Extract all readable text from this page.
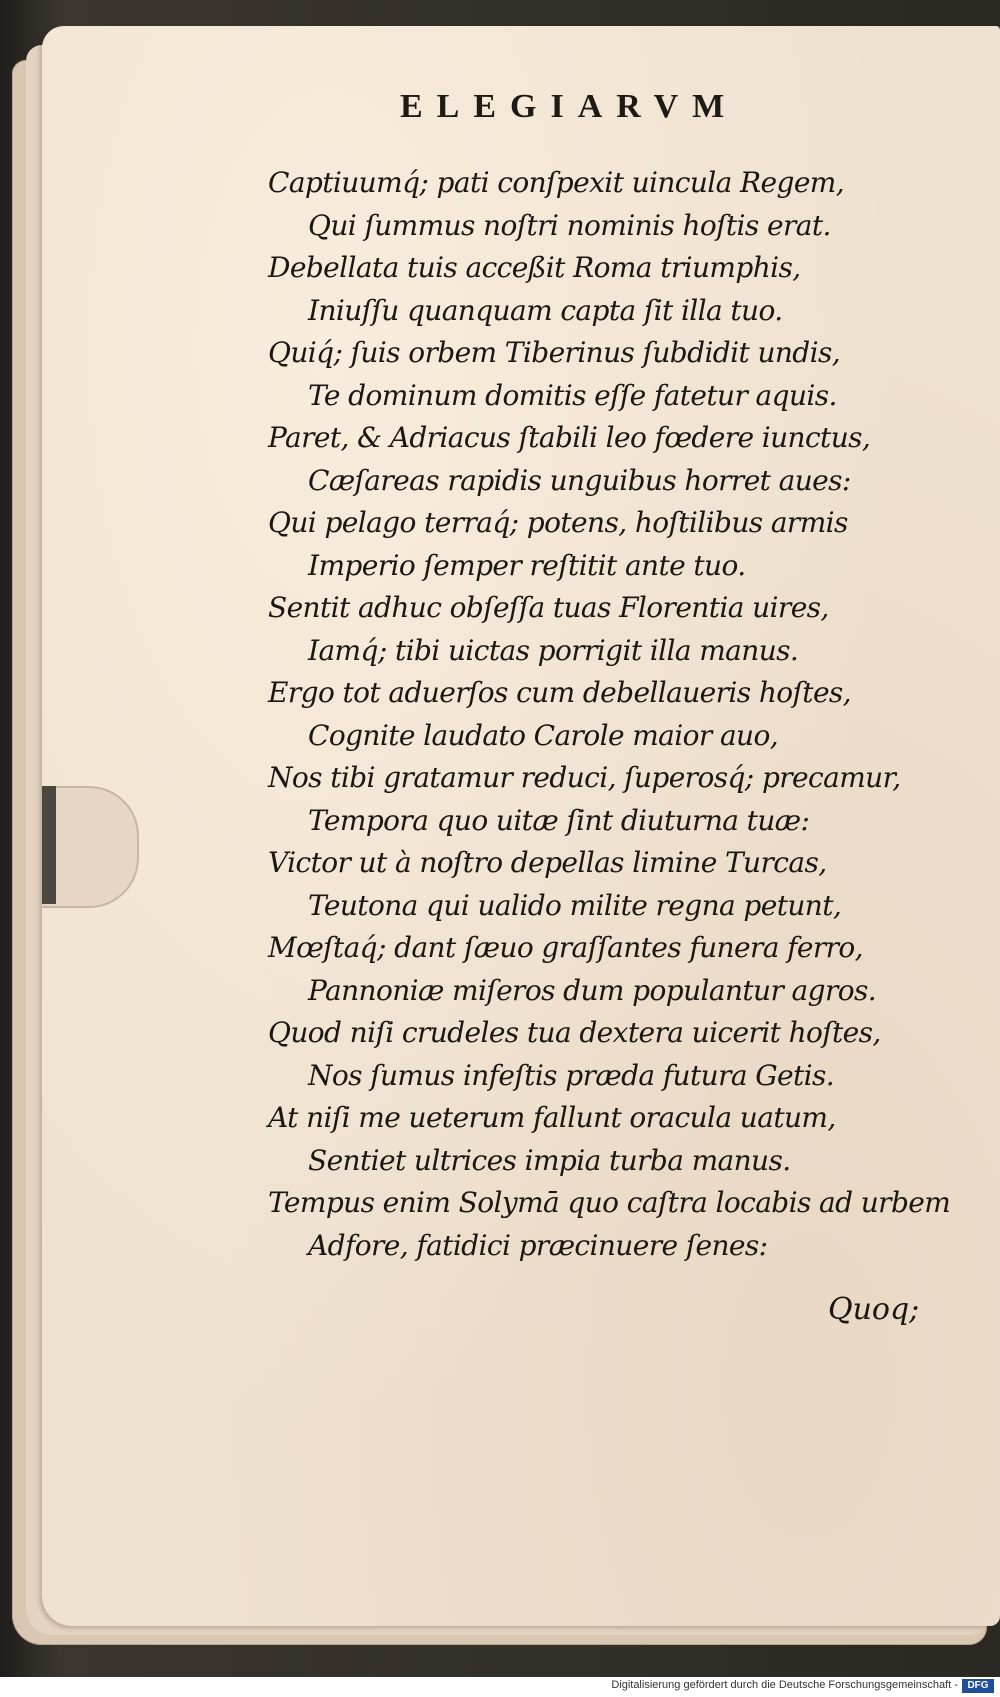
ELEGIARVM
Captiuumq́; pati conſpexit uincula Regem,
Qui ſummus noſtri nominis hoſtis erat.
Debellata tuis acceßit Roma triumphis,
Iniuſſu quanquam capta ſit illa tuo.
Quiq́; ſuis orbem Tiberinus ſubdidit undis,
Te dominum domitis eſſe fatetur aquis.
Paret, & Adriacus ſtabili leo fœdere iunctus,
Cæſareas rapidis unguibus horret aues:
Qui pelago terraq́; potens, hoſtilibus armis
Imperio ſemper reſtitit ante tuo.
Sentit adhuc obſeſſa tuas Florentia uires,
Iamq́; tibi uictas porrigit illa manus.
Ergo tot aduerſos cum debellaueris hoſtes,
Cognite laudato Carole maior auo,
Nos tibi gratamur reduci, ſuperosq́; precamur,
Tempora quo uitæ ſint diuturna tuæ:
Victor ut à noſtro depellas limine Turcas,
Teutona qui ualido milite regna petunt,
Mœſtaq́; dant ſæuo graſſantes funera ferro,
Pannoniæ miſeros dum populantur agros.
Quod niſi crudeles tua dextera uicerit hoſtes,
Nos ſumus infeſtis præda futura Getis.
At niſi me ueterum fallunt oracula uatum,
Sentiet ultrices impia turba manus.
Tempus enim Solymā quo caſtra locabis ad urbem
Adfore, fatidici præcinuere ſenes:
Quoq;
Digitalisierung gefördert durch die Deutsche Forschungsgemeinschaft - DFG
